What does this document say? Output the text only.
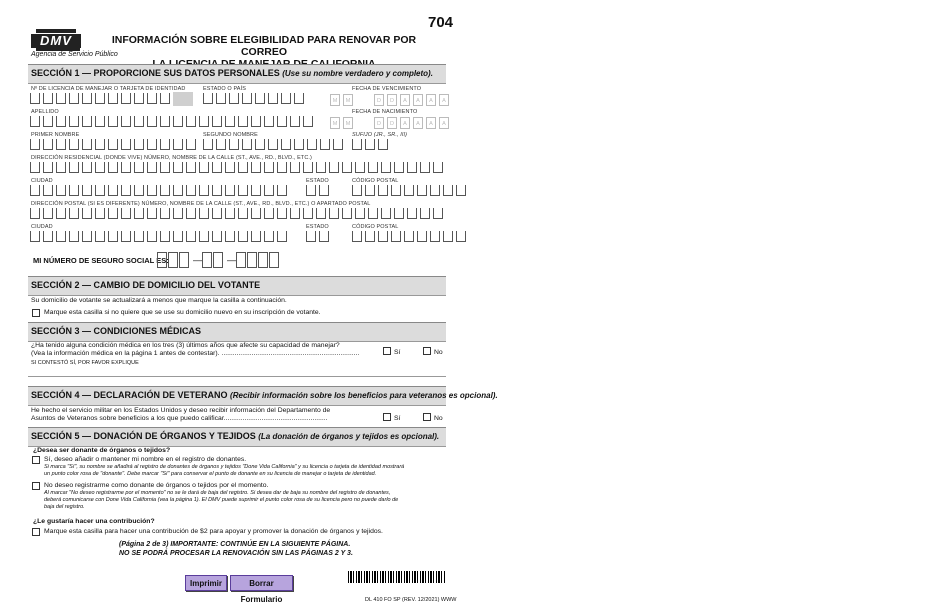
704
DMV
Agencia de Servicio Público
INFORMACIÓN SOBRE ELEGIBILIDAD PARA RENOVAR POR CORREO
SECCIÓN 1 — PROPORCIONE SUS DATOS PERSONALES (Use su nombre verdadero y completo).
Nº DE LICENCIA DE MANEJAR O TARJETA DE IDENTIDAD	ESTADO O PAÍS	FECHA DE VENCIMIENTO
M	M	D	D	A	A	A	A
APELLIDO	FECHA DE NACIMIENTO
M	M	D	D	A	A	A	A
PRIMER NOMBRE	SEGUNDO NOMBRE	SUFIJO (JR., SR., III)
DIRECCIÓN RESIDENCIAL (DONDE VIVE) NÚMERO, NOMBRE DE LA CALLE (ST., AVE., RD., BLVD., ETC.)
CIUDAD	ESTADO	CÓDIGO POSTAL
DIRECCIÓN POSTAL (SI ES DIFERENTE) NÚMERO, NOMBRE DE LA CALLE (ST., AVE., RD., BLVD., ETC.) O APARTADO POSTAL
CIUDAD	ESTADO	CÓDIGO POSTAL
MI NÚMERO DE SEGURO SOCIAL ES:	—	—
SECCIÓN 2 — CAMBIO DE DOMICILIO DEL VOTANTE
Su domicilio de votante se actualizará a menos que marque la casilla a continuación.
Marque esta casilla si no quiere que se use su domicilio nuevo en su inscripción de votante.
SECCIÓN 3 — CONDICIONES MÉDICAS
¿Ha tenido alguna condición médica en los tres (3) últimos años que afecte su capacidad de manejar?
(Vea la información médica en la página 1 antes de contestar). .........................................................................	Sí	No
SI CONTESTÓ SÍ, POR FAVOR EXPLIQUE
SECCIÓN 4 — DECLARACIÓN DE VETERANO (Recibir información sobre los beneficios para veteranos es opcional).
He hecho el servicio militar en los Estados Unidos y deseo recibir información del Departamento de
Asuntos de Veteranos sobre beneficios a los que puedo calificar.......................................................	Sí	No
SECCIÓN 5 — DONACIÓN DE ÓRGANOS Y TEJIDOS (La donación de órganos y tejidos es opcional).
¿Desea ser donante de órganos o tejidos?
Sí, deseo añadir o mantener mi nombre en el registro de donantes.
Si marca "Sí", su nombre se añadirá al registro de donantes de órganos y tejidos "Done Vida California" y su licencia o tarjeta de identidad mostrará
un punto color rosa de "donante". Debe marcar "Sí" para conservar el punto de donante en su licencia de manejar o tarjeta de identidad.
No deseo registrarme como donante de órganos o tejidos por el momento.
Al marcar "No deseo registrarme por el momento" no se le dará de baja del registro. Si desea dar de baja su nombre del registro de donantes,
deberá comunicarse con Done Vida California (vea la página 1). El DMV puede suprimir el punto color rosa de su licencia pero no puede darlo de
baja del registro.
¿Le gustaría hacer una contribución?
Marque esta casilla para hacer una contribución de $2 para apoyar y promover la donación de órganos y tejidos.
(Página 2 de 3) IMPORTANTE: CONTINÚE EN LA SIGUIENTE PÁGINA.
NO SE PODRÁ PROCESAR LA RENOVACIÓN SIN LAS PÁGINAS 2 Y 3.
Imprimir	Borrar Formulario	DL 410 FO SP (REV. 12/2021) WWW
